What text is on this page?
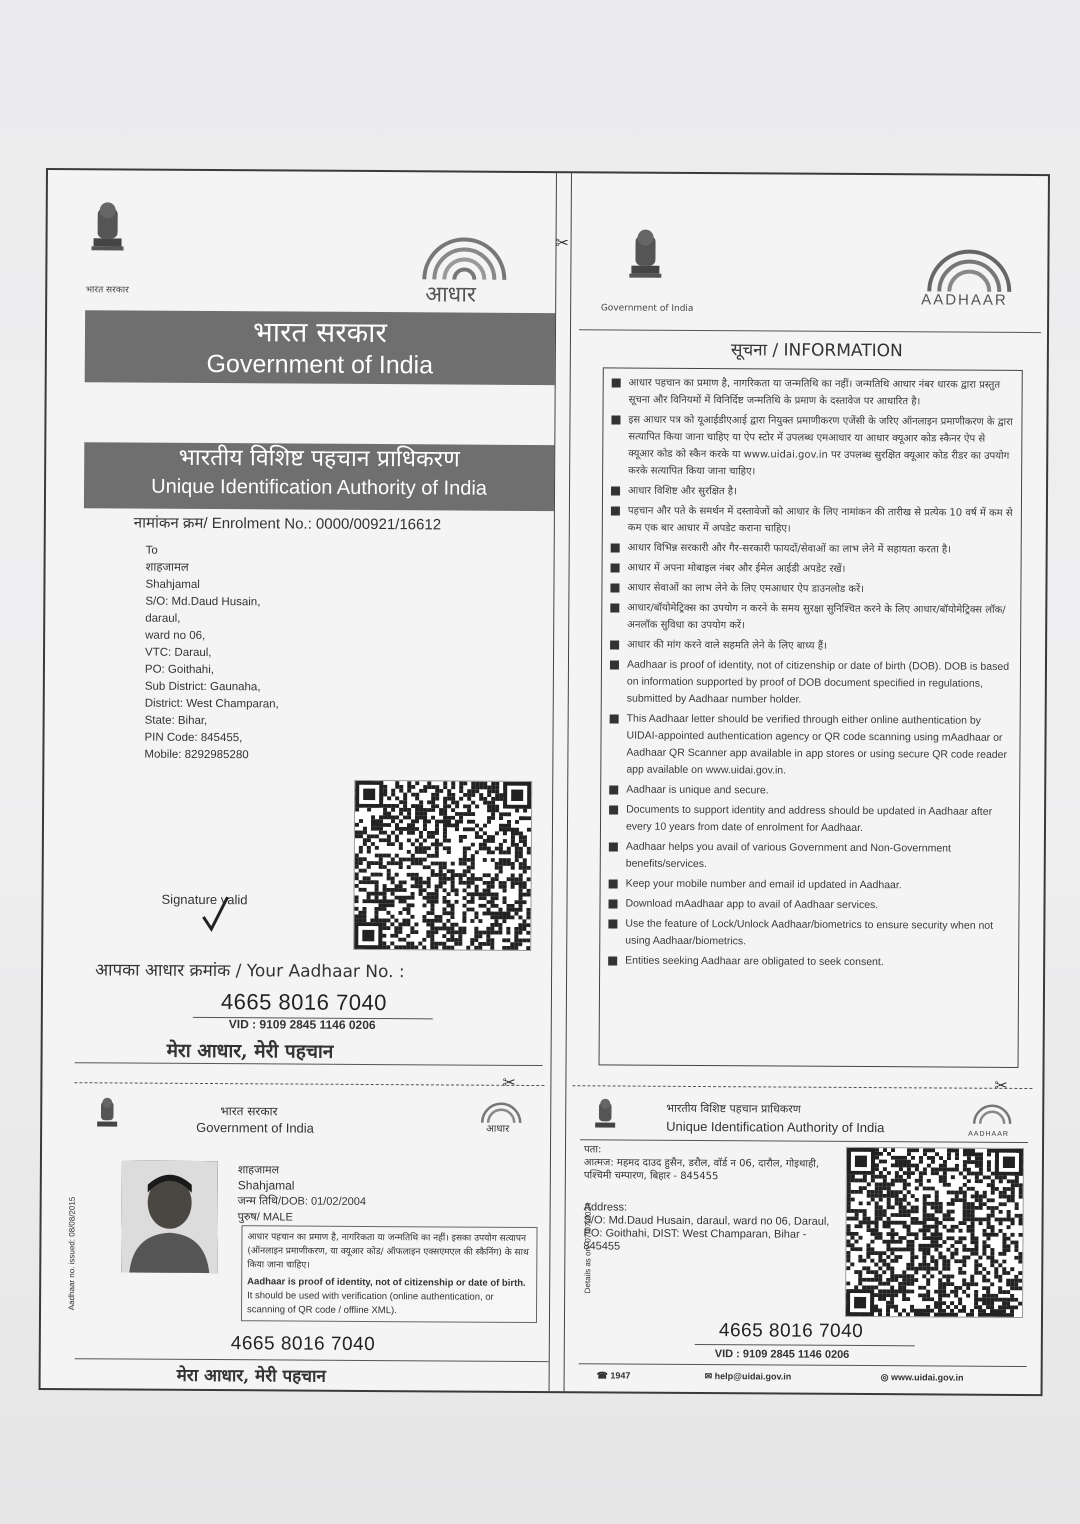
भारत सरकार	आधार
भारत सरकार
Government of India
भारतीय विशिष्ट पहचान प्राधिकरण
Unique Identification Authority of India
नामांकन क्रम/ Enrolment No.: 0000/00921/16612
To
शाहजामल
Shahjamal
S/O: Md.Daud Husain,
daraul,
ward no 06,
VTC: Daraul,
PO: Goithahi,
Sub District: Gaunaha,
District: West Champaran,
State: Bihar,
PIN Code: 845455,
Mobile: 8292985280
Signature valid
आपका आधार क्रमांक / Your Aadhaar No. :
4665 8016 7040
VID : 9109 2845 1146 0206
मेरा आधार, मेरी पहचान
✂
Government of India	AADHAAR
सूचना / INFORMATION
आधार पहचान का प्रमाण है, नागरिकता या जन्मतिथि का नहीं। जन्मतिथि आधार नंबर धारक द्वारा प्रस्तुत सूचना और विनियमों में विनिर्दिष्ट जन्मतिथि के प्रमाण के दस्तावेज पर आधारित है।
इस आधार पत्र को यूआईडीएआई द्वारा नियुक्त प्रमाणीकरण एजेंसी के जरिए ऑनलाइन प्रमाणीकरण के द्वारा सत्यापित किया जाना चाहिए या ऐप स्टोर में उपलब्ध एमआधार या आधार क्यूआर कोड स्कैनर ऐप से क्यूआर कोड को स्कैन करके या www.uidai.gov.in पर उपलब्ध सुरक्षित क्यूआर कोड रीडर का उपयोग करके सत्यापित किया जाना चाहिए।
आधार विशिष्ट और सुरक्षित है।
पहचान और पते के समर्थन में दस्तावेजों को आधार के लिए नामांकन की तारीख से प्रत्येक 10 वर्ष में कम से कम एक बार आधार में अपडेट कराना चाहिए।
आधार विभिन्न सरकारी और गैर-सरकारी फायदों/सेवाओं का लाभ लेने में सहायता करता है।
आधार में अपना मोबाइल नंबर और ईमेल आईडी अपडेट रखें।
आधार सेवाओं का लाभ लेने के लिए एमआधार ऐप डाउनलोड करें।
आधार/बॉयोमेट्रिक्स का उपयोग न करने के समय सुरक्षा सुनिश्चित करने के लिए आधार/बॉयोमेट्रिक्स लॉक/अनलॉक सुविधा का उपयोग करें।
आधार की मांग करने वाले सहमति लेने के लिए बाध्य हैं।
Aadhaar is proof of identity, not of citizenship or date of birth (DOB). DOB is based on information supported by proof of DOB document specified in regulations, submitted by Aadhaar number holder.
This Aadhaar letter should be verified through either online authentication by UIDAI-appointed authentication agency or QR code scanning using mAadhaar or Aadhaar QR Scanner app available in app stores or using secure QR code reader app available on www.uidai.gov.in.
Aadhaar is unique and secure.
Documents to support identity and address should be updated in Aadhaar after every 10 years from date of enrolment for Aadhaar.
Aadhaar helps you avail of various Government and Non-Government benefits/services.
Keep your mobile number and email id updated in Aadhaar.
Download mAadhaar app to avail of Aadhaar services.
Use the feature of Lock/Unlock Aadhaar/biometrics to ensure security when not using Aadhaar/biometrics.
Entities seeking Aadhaar are obligated to seek consent.
✂	✂
भारत सरकार
Government of India	आधार
Aadhaar no. issued: 08/08/2015
शाहजामल
Shahjamal
जन्म तिथि/DOB: 01/02/2004
पुरुष/ MALE
आधार पहचान का प्रमाण है, नागरिकता या जन्मतिथि का नहीं। इसका उपयोग सत्यापन (ऑनलाइन प्रमाणीकरण, या क्यूआर कोड/ ऑफलाइन एक्सएमएल की स्कैनिंग) के साथ किया जाना चाहिए।
Aadhaar is proof of identity, not of citizenship or date of birth. It should be used with verification (online authentication, or scanning of QR code / offline XML).
4665 8016 7040
मेरा आधार, मेरी पहचान
भारतीय विशिष्ट पहचान प्राधिकरण
Unique Identification Authority of India	AADHAAR
Details as on: 07/07/2024
पता:
आत्मज: महमद दाउद हुसैन, डरौल, वॉर्ड न 06, दारौल, गोइथाही, पश्चिमी चम्पारण, बिहार - 845455
Address:
S/O: Md.Daud Husain, daraul, ward no 06, Daraul, PO: Goithahi, DIST: West Champaran, Bihar - 845455
4665 8016 7040
VID : 9109 2845 1146 0206
☎ 1947	✉ help@uidai.gov.in	◎ www.uidai.gov.in
